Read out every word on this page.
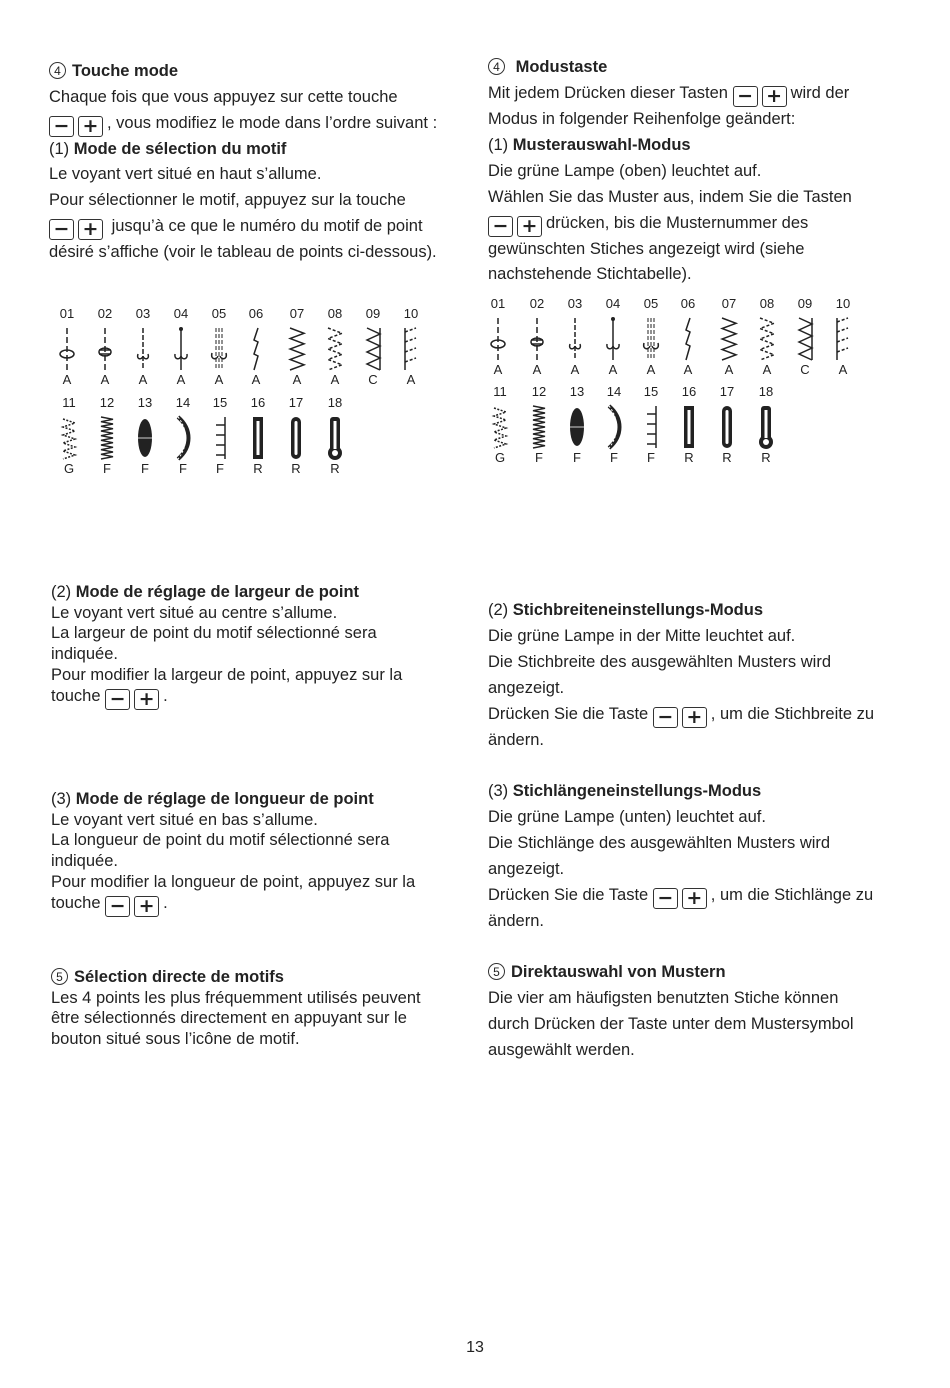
4 Touche mode

Chaque fois que vous appuyez sur cette touche

− + , vous modifiez le mode dans l’ordre suivant :

(1) Mode de sélection du motif

Le voyant vert situé en haut s’allume.

Pour sélectionner le motif, appuyez sur la touche

− + jusqu’à ce que le numéro du motif de point

désiré s’affiche (voir le tableau de points ci-dessous).

4 Modustaste

Mit jedem Drücken dieser Tasten − + wird der

Modus in folgender Reihenfolge geändert:

(1) Musterauswahl-Modus

Die grüne Lampe (oben) leuchtet auf.

Wählen Sie das Muster aus, indem Sie die Tasten

− + drücken, bis die Musternummer des

gewünschten Stiches angezeigt wird (siehe

nachstehende Stichtabelle).

01
A
02
A
03
A
04
A
05
A
06
A
07
A
08
A
09
C
10
A
11
G
12
F
13
F
14
F
15
F
16
R
17
R
18
R
01
A
02
A
03
A
04
A
05
A
06
A
07
A
08
A
09
C
10
A
11
G
12
F
13
F
14
F
15
F
16
R
17
R
18
R

(2) Mode de réglage de largeur de point

Le voyant vert situé au centre s’allume.

La largeur de point du motif sélectionné sera

indiquée.

Pour modifier la largeur de point, appuyez sur la

touche − + .

(3) Mode de réglage de longueur de point

Le voyant vert situé en bas s’allume.

La longueur de point du motif sélectionné sera

indiquée.

Pour modifier la longueur de point, appuyez sur la

touche − + .

5 Sélection directe de motifs

Les 4 points les plus fréquemment utilisés peuvent

être sélectionnés directement en appuyant sur le

bouton situé sous l’icône de motif.

(2) Stichbreiteneinstellungs-Modus

Die grüne Lampe in der Mitte leuchtet auf.

Die Stichbreite des ausgewählten Musters wird

angezeigt.

Drücken Sie die Taste − + , um die Stichbreite zu

ändern.

(3) Stichlängeneinstellungs-Modus

Die grüne Lampe (unten) leuchtet auf.

Die Stichlänge des ausgewählten Musters wird

angezeigt.

Drücken Sie die Taste − + , um die Stichlänge zu

ändern.

5 Direktauswahl von Mustern

Die vier am häufigsten benutzten Stiche können

durch Drücken der Taste unter dem Mustersymbol

ausgewählt werden.

13
